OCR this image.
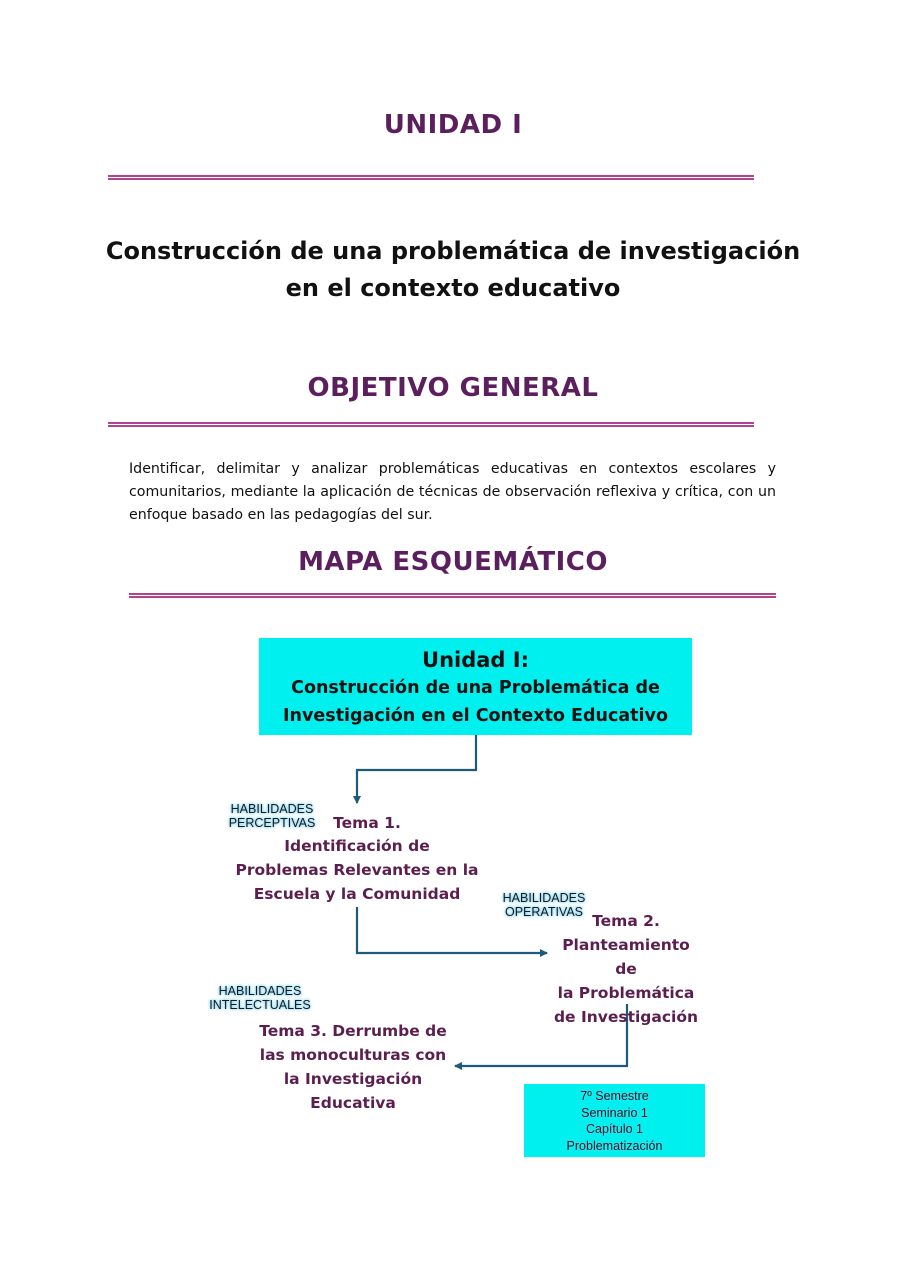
UNIDAD I
Construcción de una problemática de investigación
en el contexto educativo
OBJETIVO GENERAL
Identificar, delimitar y analizar problemáticas educativas en contextos escolares y comunitarios, mediante la aplicación de técnicas de observación reflexiva y crítica, con un enfoque basado en las pedagogías del sur.
MAPA ESQUEMÁTICO
Unidad I:
Construcción de una Problemática de
Investigación en el Contexto Educativo
HABILIDADES
PERCEPTIVAS
HABILIDADES
OPERATIVAS
HABILIDADES
INTELECTUALES
Tema 1.
Identificación de
Problemas Relevantes en la
Escuela y la Comunidad
Tema 2.
Planteamiento de
la Problemática
de Investigación
Tema 3. Derrumbe de
las monoculturas con
la Investigación
Educativa	7º Semestre
Seminario 1
Capítulo 1
Problematización
